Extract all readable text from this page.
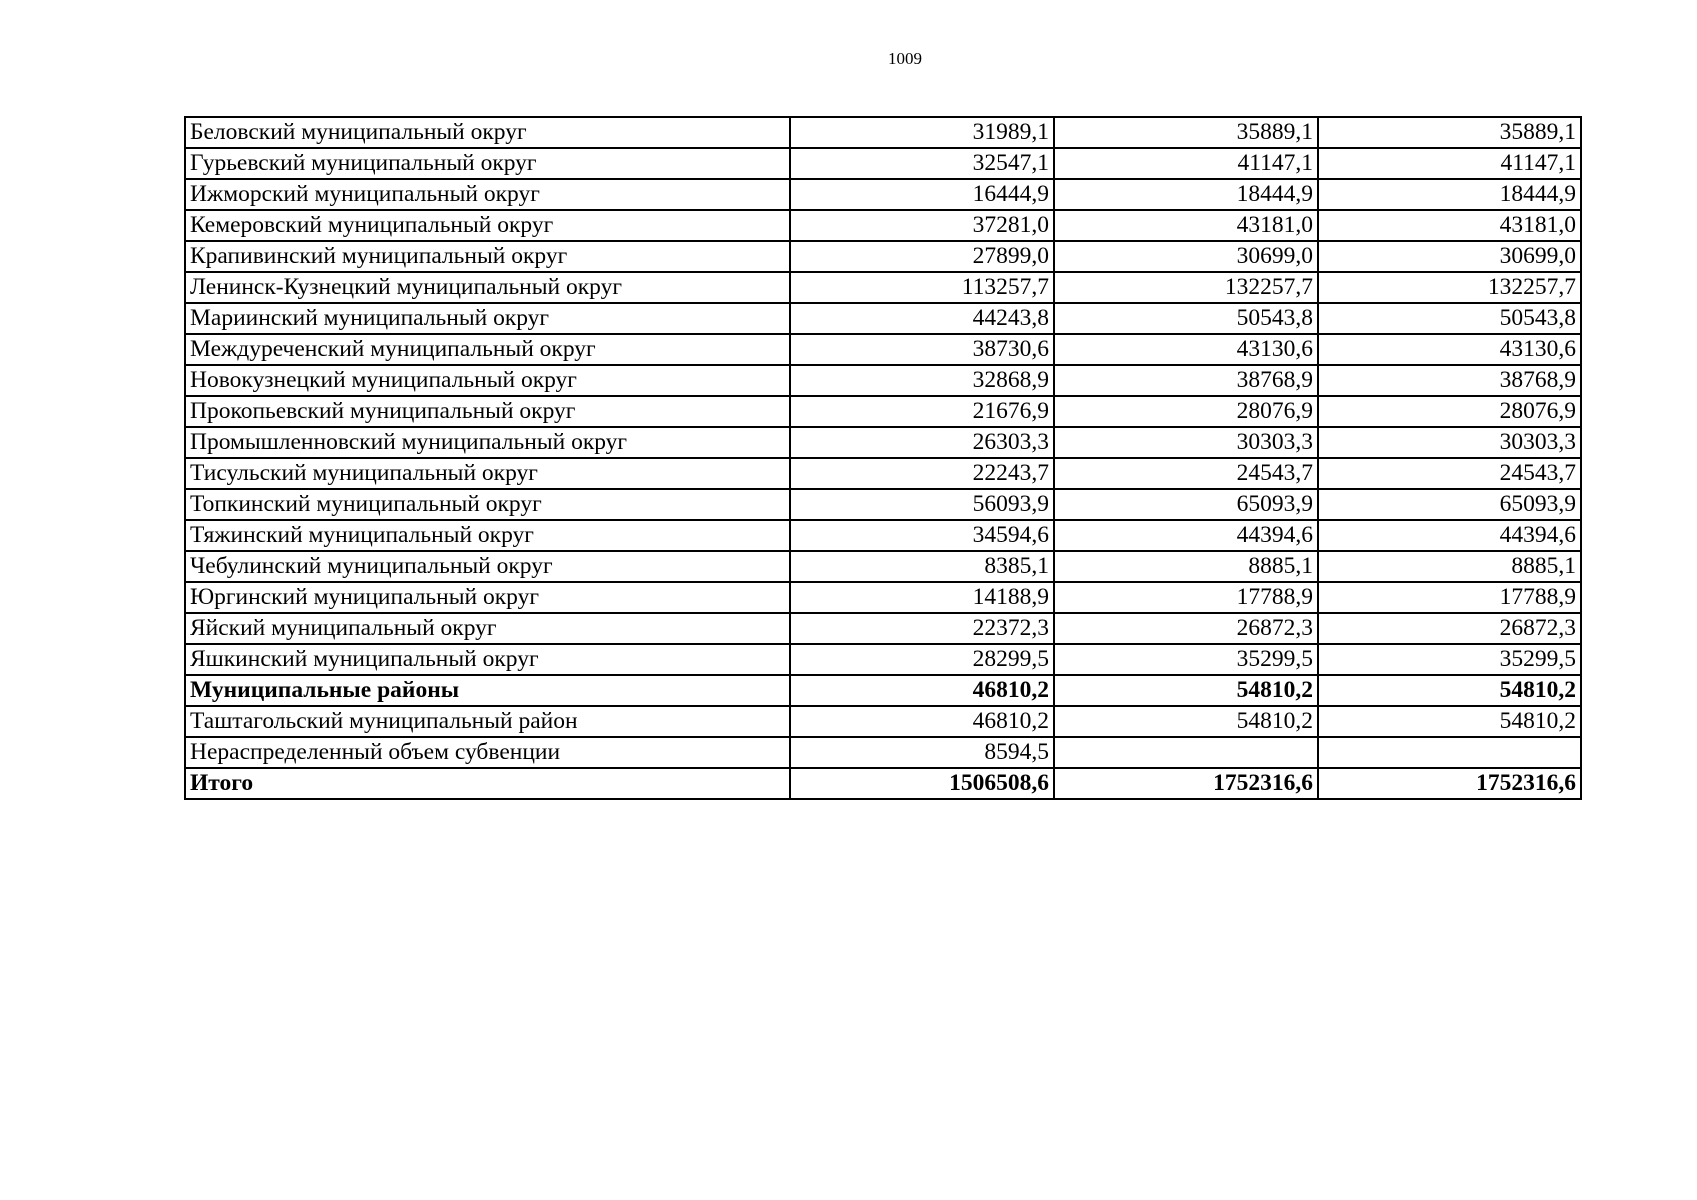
1009
Беловский муниципальный округ	31989,1	35889,1	35889,1
Гурьевский муниципальный округ	32547,1	41147,1	41147,1
Ижморский муниципальный округ	16444,9	18444,9	18444,9
Кемеровский муниципальный округ	37281,0	43181,0	43181,0
Крапивинский муниципальный округ	27899,0	30699,0	30699,0
Ленинск-Кузнецкий муниципальный округ	113257,7	132257,7	132257,7
Мариинский муниципальный округ	44243,8	50543,8	50543,8
Междуреченский муниципальный округ	38730,6	43130,6	43130,6
Новокузнецкий муниципальный округ	32868,9	38768,9	38768,9
Прокопьевский муниципальный округ	21676,9	28076,9	28076,9
Промышленновский муниципальный округ	26303,3	30303,3	30303,3
Тисульский муниципальный округ	22243,7	24543,7	24543,7
Топкинский муниципальный округ	56093,9	65093,9	65093,9
Тяжинский муниципальный округ	34594,6	44394,6	44394,6
Чебулинский муниципальный округ	8385,1	8885,1	8885,1
Юргинский муниципальный округ	14188,9	17788,9	17788,9
Яйский муниципальный округ	22372,3	26872,3	26872,3
Яшкинский муниципальный округ	28299,5	35299,5	35299,5
Муниципальные районы	46810,2	54810,2	54810,2
Таштагольский муниципальный район	46810,2	54810,2	54810,2
Нераспределенный объем субвенции	8594,5		
Итого	1506508,6	1752316,6	1752316,6
